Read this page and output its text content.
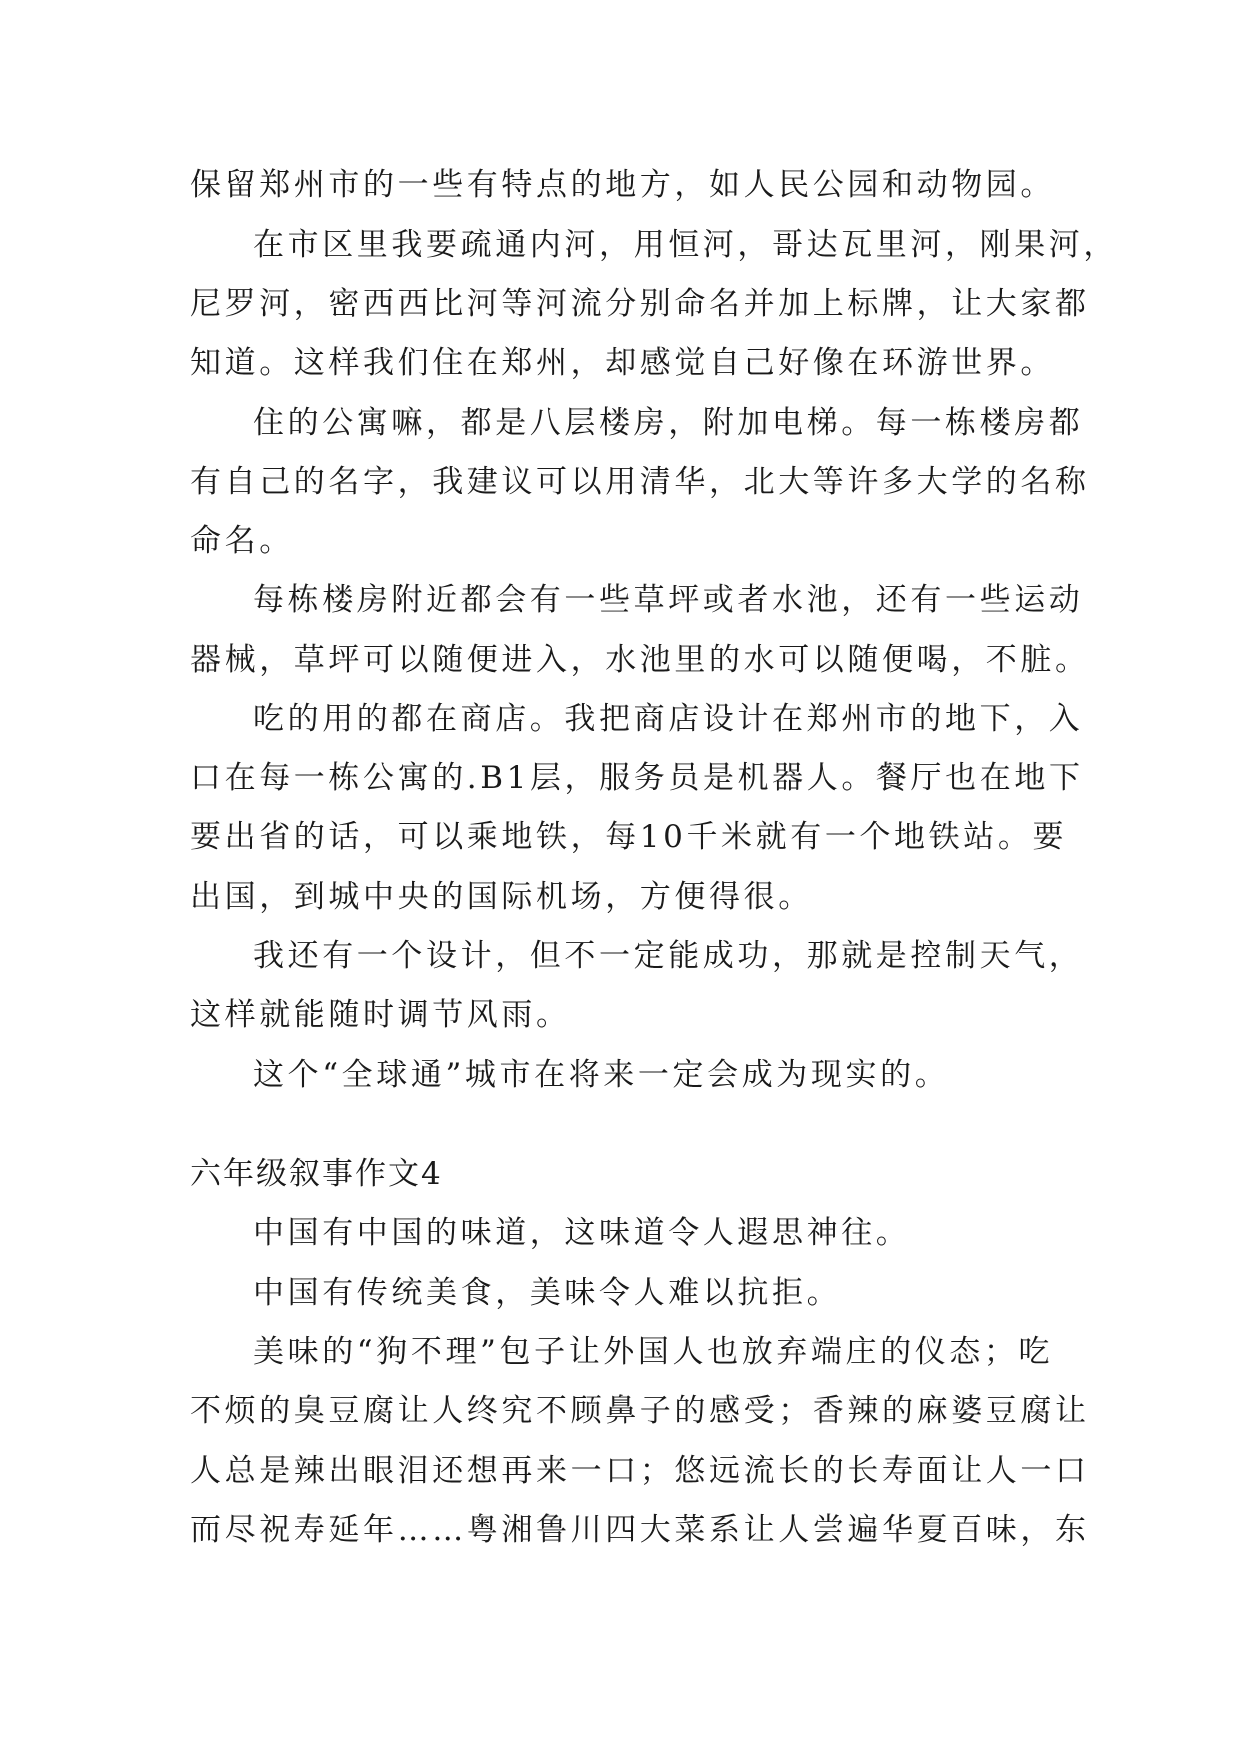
保留郑州市的一些有特点的地方，如人民公园和动物园。

在市区里我要疏通内河，用恒河，哥达瓦里河，刚果河，

尼罗河，密西西比河等河流分别命名并加上标牌，让大家都

知道。这样我们住在郑州，却感觉自己好像在环游世界。

住的公寓嘛，都是八层楼房，附加电梯。每一栋楼房都

有自己的名字，我建议可以用清华，北大等许多大学的名称

命名。

每栋楼房附近都会有一些草坪或者水池，还有一些运动

器械，草坪可以随便进入，水池里的水可以随便喝，不脏。

吃的用的都在商店。我把商店设计在郑州市的地下，入

口在每一栋公寓的.B1层，服务员是机器人。餐厅也在地下

要出省的话，可以乘地铁，每10千米就有一个地铁站。要

出国，到城中央的国际机场，方便得很。

我还有一个设计，但不一定能成功，那就是控制天气，

这样就能随时调节风雨。

这个“全球通”城市在将来一定会成为现实的。

六年级叙事作文4

中国有中国的味道，这味道令人遐思神往。

中国有传统美食，美味令人难以抗拒。

美味的“狗不理”包子让外国人也放弃端庄的仪态；吃

不烦的臭豆腐让人终究不顾鼻子的感受；香辣的麻婆豆腐让

人总是辣出眼泪还想再来一口；悠远流长的长寿面让人一口

而尽祝寿延年……粤湘鲁川四大菜系让人尝遍华夏百味，东
